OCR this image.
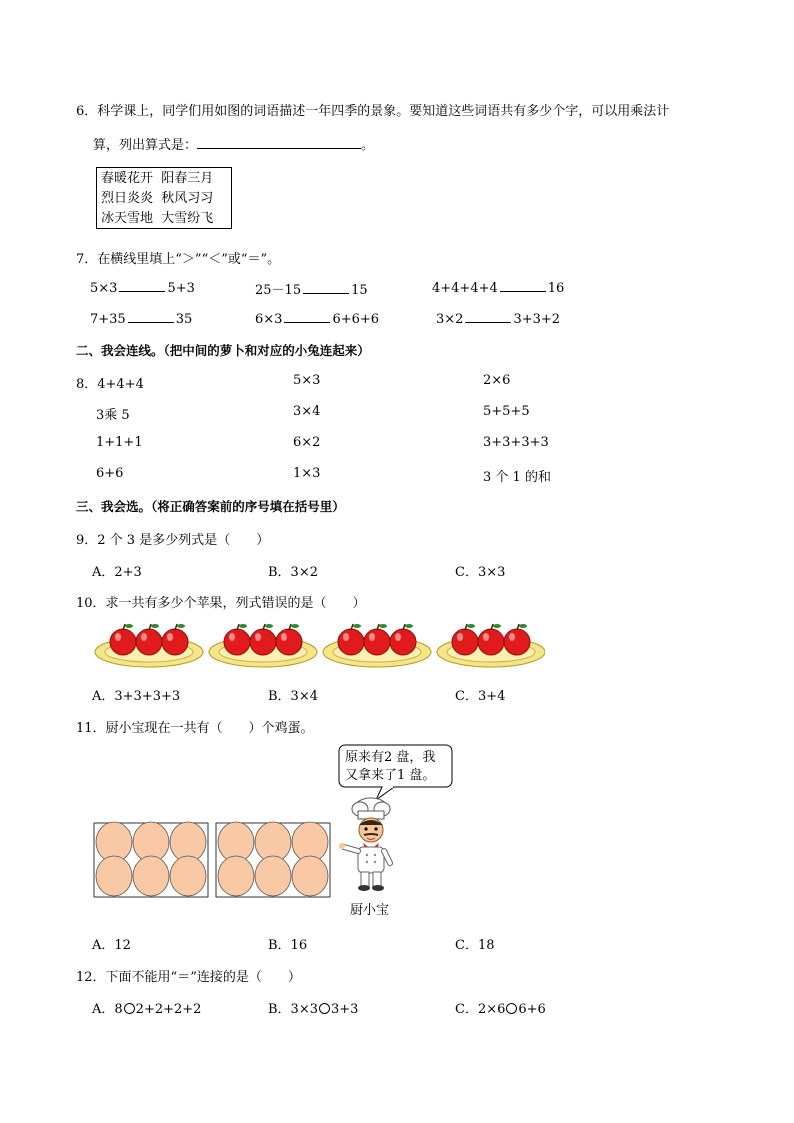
6．科学课上，同学们用如图的词语描述一年四季的景象。要知道这些词语共有多少个字，可以用乘法计
算，列出算式是：	。
春暖花开 阳春三月
烈日炎炎 秋风习习
冰天雪地 大雪纷飞
7．在横线里填上“＞”“＜”或“＝”。
5×3	5+3	25－15	15	4+4+4+4	16
7+35	35	6×3	6+6+6	3×2	3+3+2
二、我会连线。（把中间的萝卜和对应的小兔连起来）
8．4+4+4
3乘 5
1+1+1
6+6
5×3
3×4
6×2
1×3
2×6
5+5+5
3+3+3+3
3 个 1 的和
三、我会选。（将正确答案前的序号填在括号里）
9．2 个 3 是多少列式是（　　）
A．2+3	B．3×2	C．3×3
10．求一共有多少个苹果，列式错误的是（　　）
A．3+3+3+3	B．3×4	C．3+4
11．厨小宝现在一共有（　　）个鸡蛋。
原来有2 盘，我
又拿来了1 盘。
厨小宝
A．12	B．16	C．18
12．下面不能用“＝”连接的是（　　）
A．8 2+2+2+2	B．3×3 3+3	C．2×6 6+6
